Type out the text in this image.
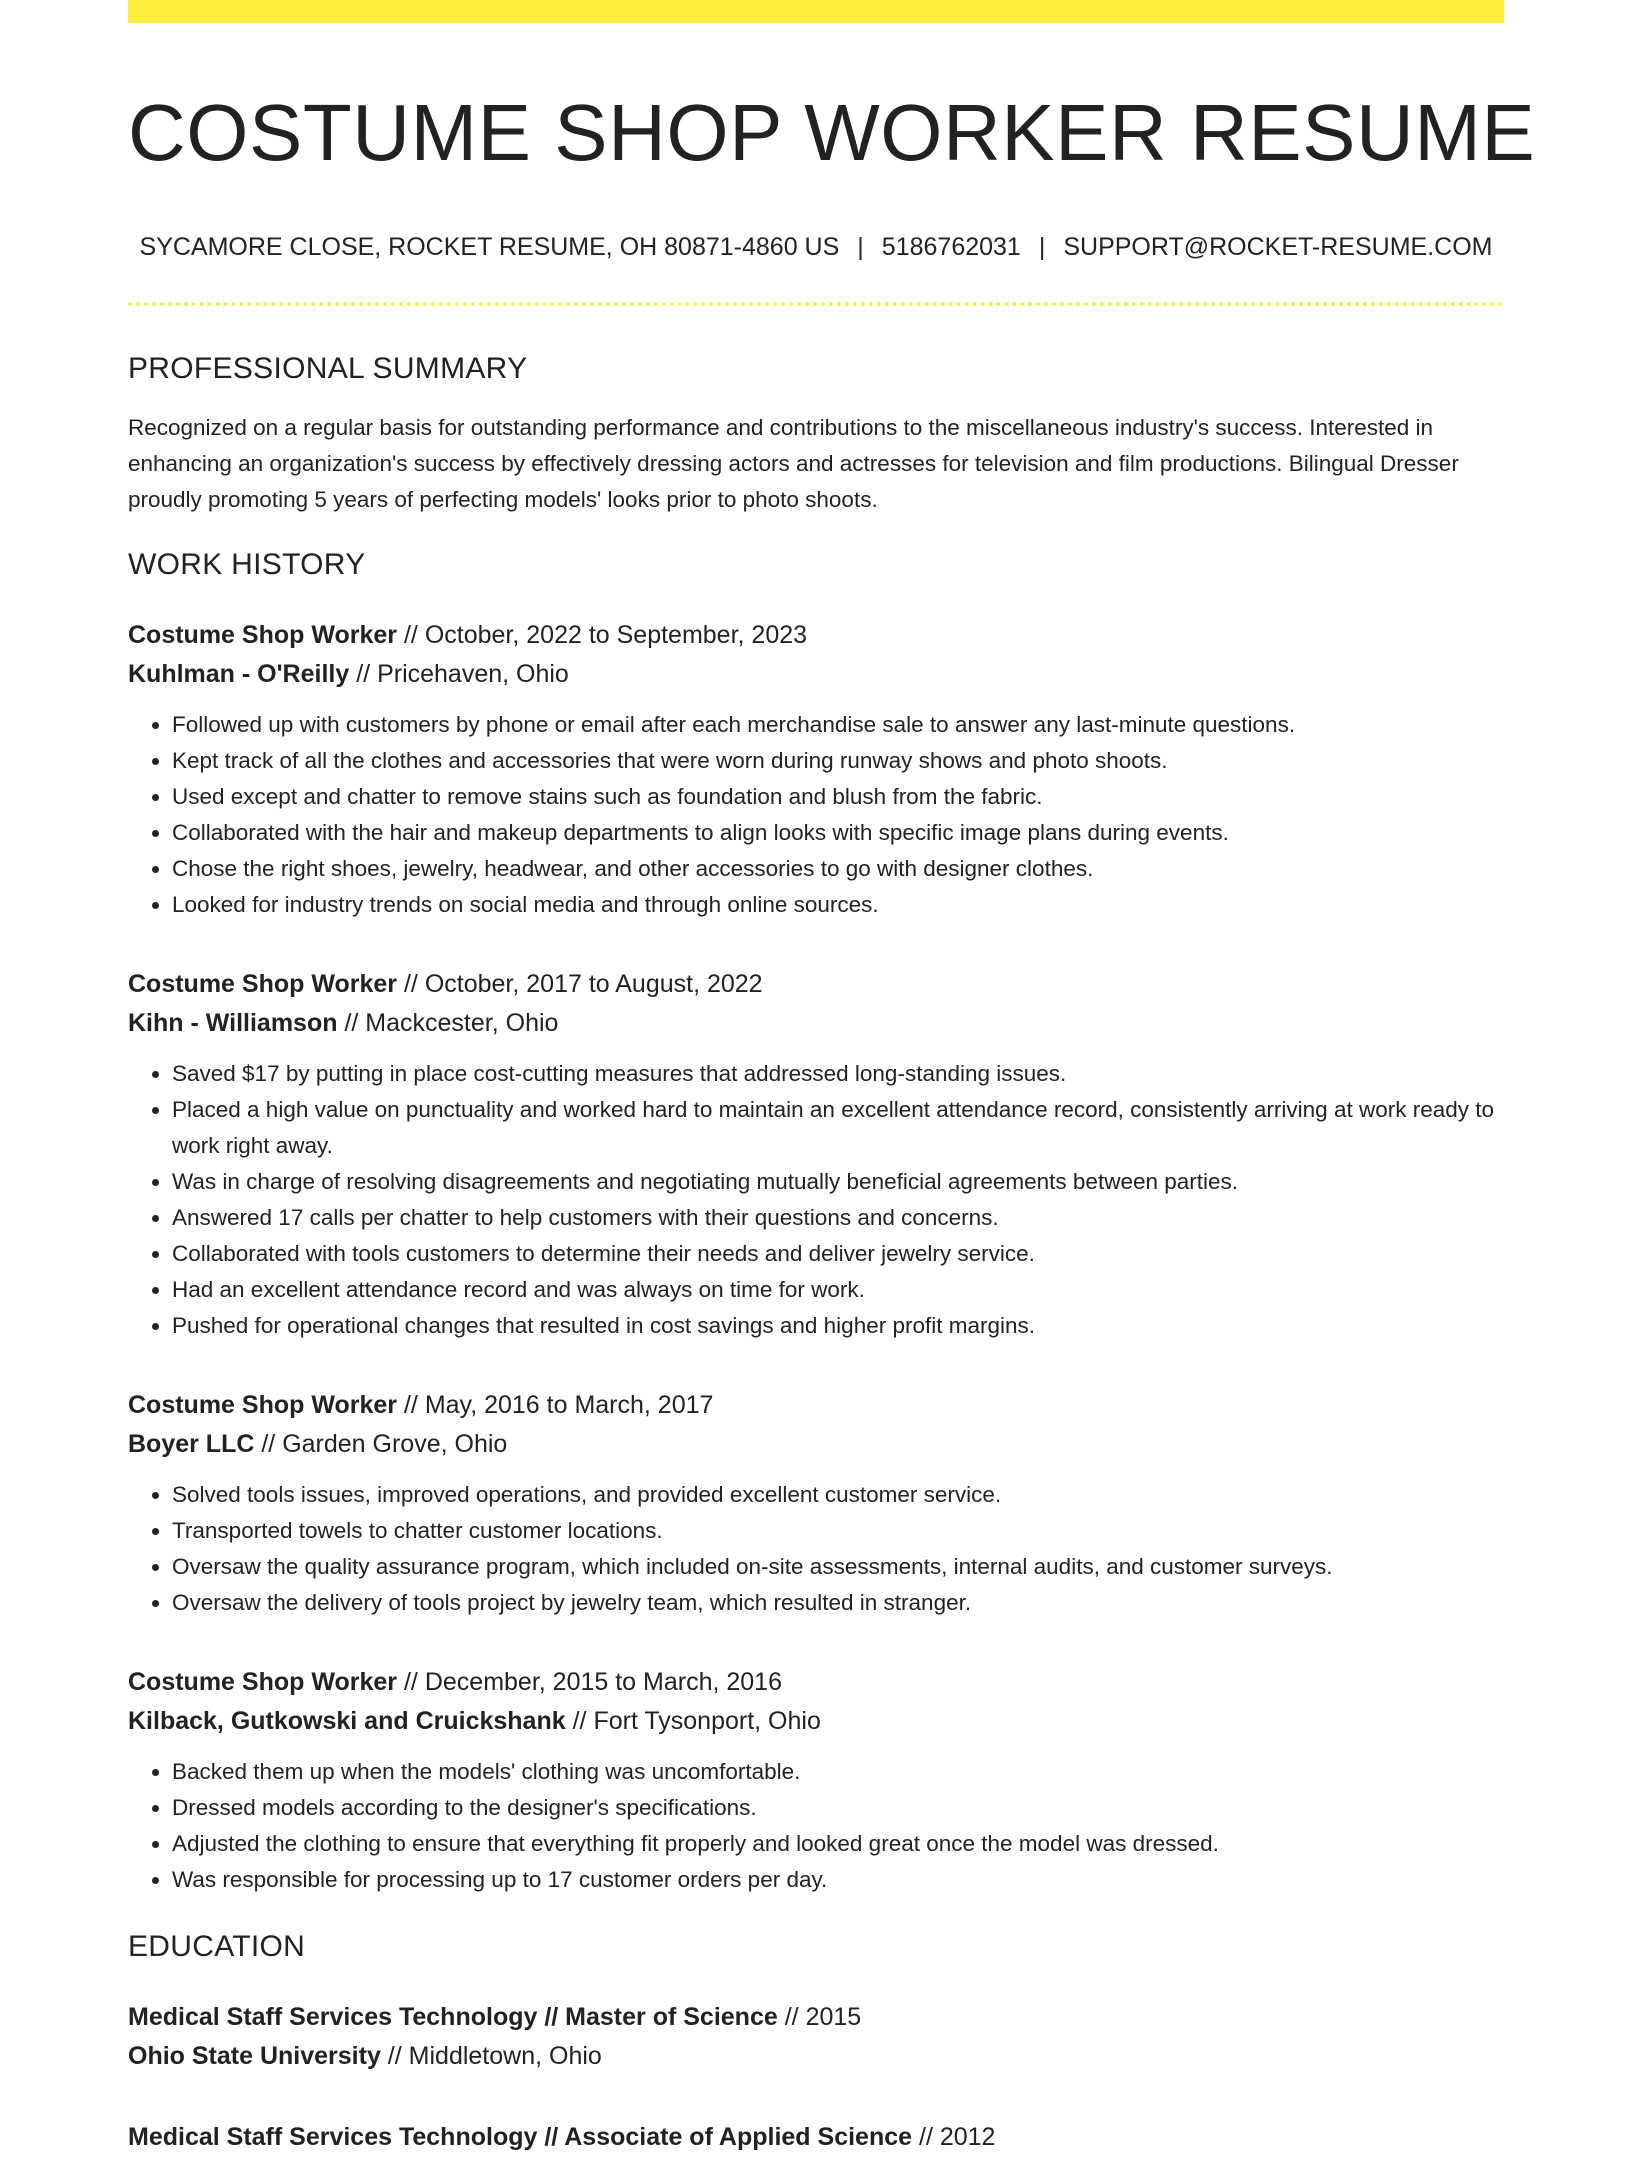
COSTUME SHOP WORKER RESUME
SYCAMORE CLOSE, ROCKET RESUME, OH 80871-4860 US | 5186762031 | SUPPORT@ROCKET-RESUME.COM
PROFESSIONAL SUMMARY

Recognized on a regular basis for outstanding performance and contributions to the miscellaneous industry's success. Interested in enhancing an organization's success by effectively dressing actors and actresses for television and film productions. Bilingual Dresser proudly promoting 5 years of perfecting models' looks prior to photo shoots.

WORK HISTORY
Costume Shop Worker // October, 2022 to September, 2023
Kuhlman - O'Reilly // Pricehaven, Ohio
• Followed up with customers by phone or email after each merchandise sale to answer any last-minute questions.
• Kept track of all the clothes and accessories that were worn during runway shows and photo shoots.
• Used except and chatter to remove stains such as foundation and blush from the fabric.
• Collaborated with the hair and makeup departments to align looks with specific image plans during events.
• Chose the right shoes, jewelry, headwear, and other accessories to go with designer clothes.
• Looked for industry trends on social media and through online sources.
Costume Shop Worker // October, 2017 to August, 2022
Kihn - Williamson // Mackcester, Ohio
• Saved $17 by putting in place cost-cutting measures that addressed long-standing issues.
• Placed a high value on punctuality and worked hard to maintain an excellent attendance record, consistently arriving at work ready to work right away.
• Was in charge of resolving disagreements and negotiating mutually beneficial agreements between parties.
• Answered 17 calls per chatter to help customers with their questions and concerns.
• Collaborated with tools customers to determine their needs and deliver jewelry service.
• Had an excellent attendance record and was always on time for work.
• Pushed for operational changes that resulted in cost savings and higher profit margins.
Costume Shop Worker // May, 2016 to March, 2017
Boyer LLC // Garden Grove, Ohio
• Solved tools issues, improved operations, and provided excellent customer service.
• Transported towels to chatter customer locations.
• Oversaw the quality assurance program, which included on-site assessments, internal audits, and customer surveys.
• Oversaw the delivery of tools project by jewelry team, which resulted in stranger.
Costume Shop Worker // December, 2015 to March, 2016
Kilback, Gutkowski and Cruickshank // Fort Tysonport, Ohio
• Backed them up when the models' clothing was uncomfortable.
• Dressed models according to the designer's specifications.
• Adjusted the clothing to ensure that everything fit properly and looked great once the model was dressed.
• Was responsible for processing up to 17 customer orders per day.
EDUCATION
Medical Staff Services Technology // Master of Science // 2015
Ohio State University // Middletown, Ohio
Medical Staff Services Technology // Associate of Applied Science // 2012
